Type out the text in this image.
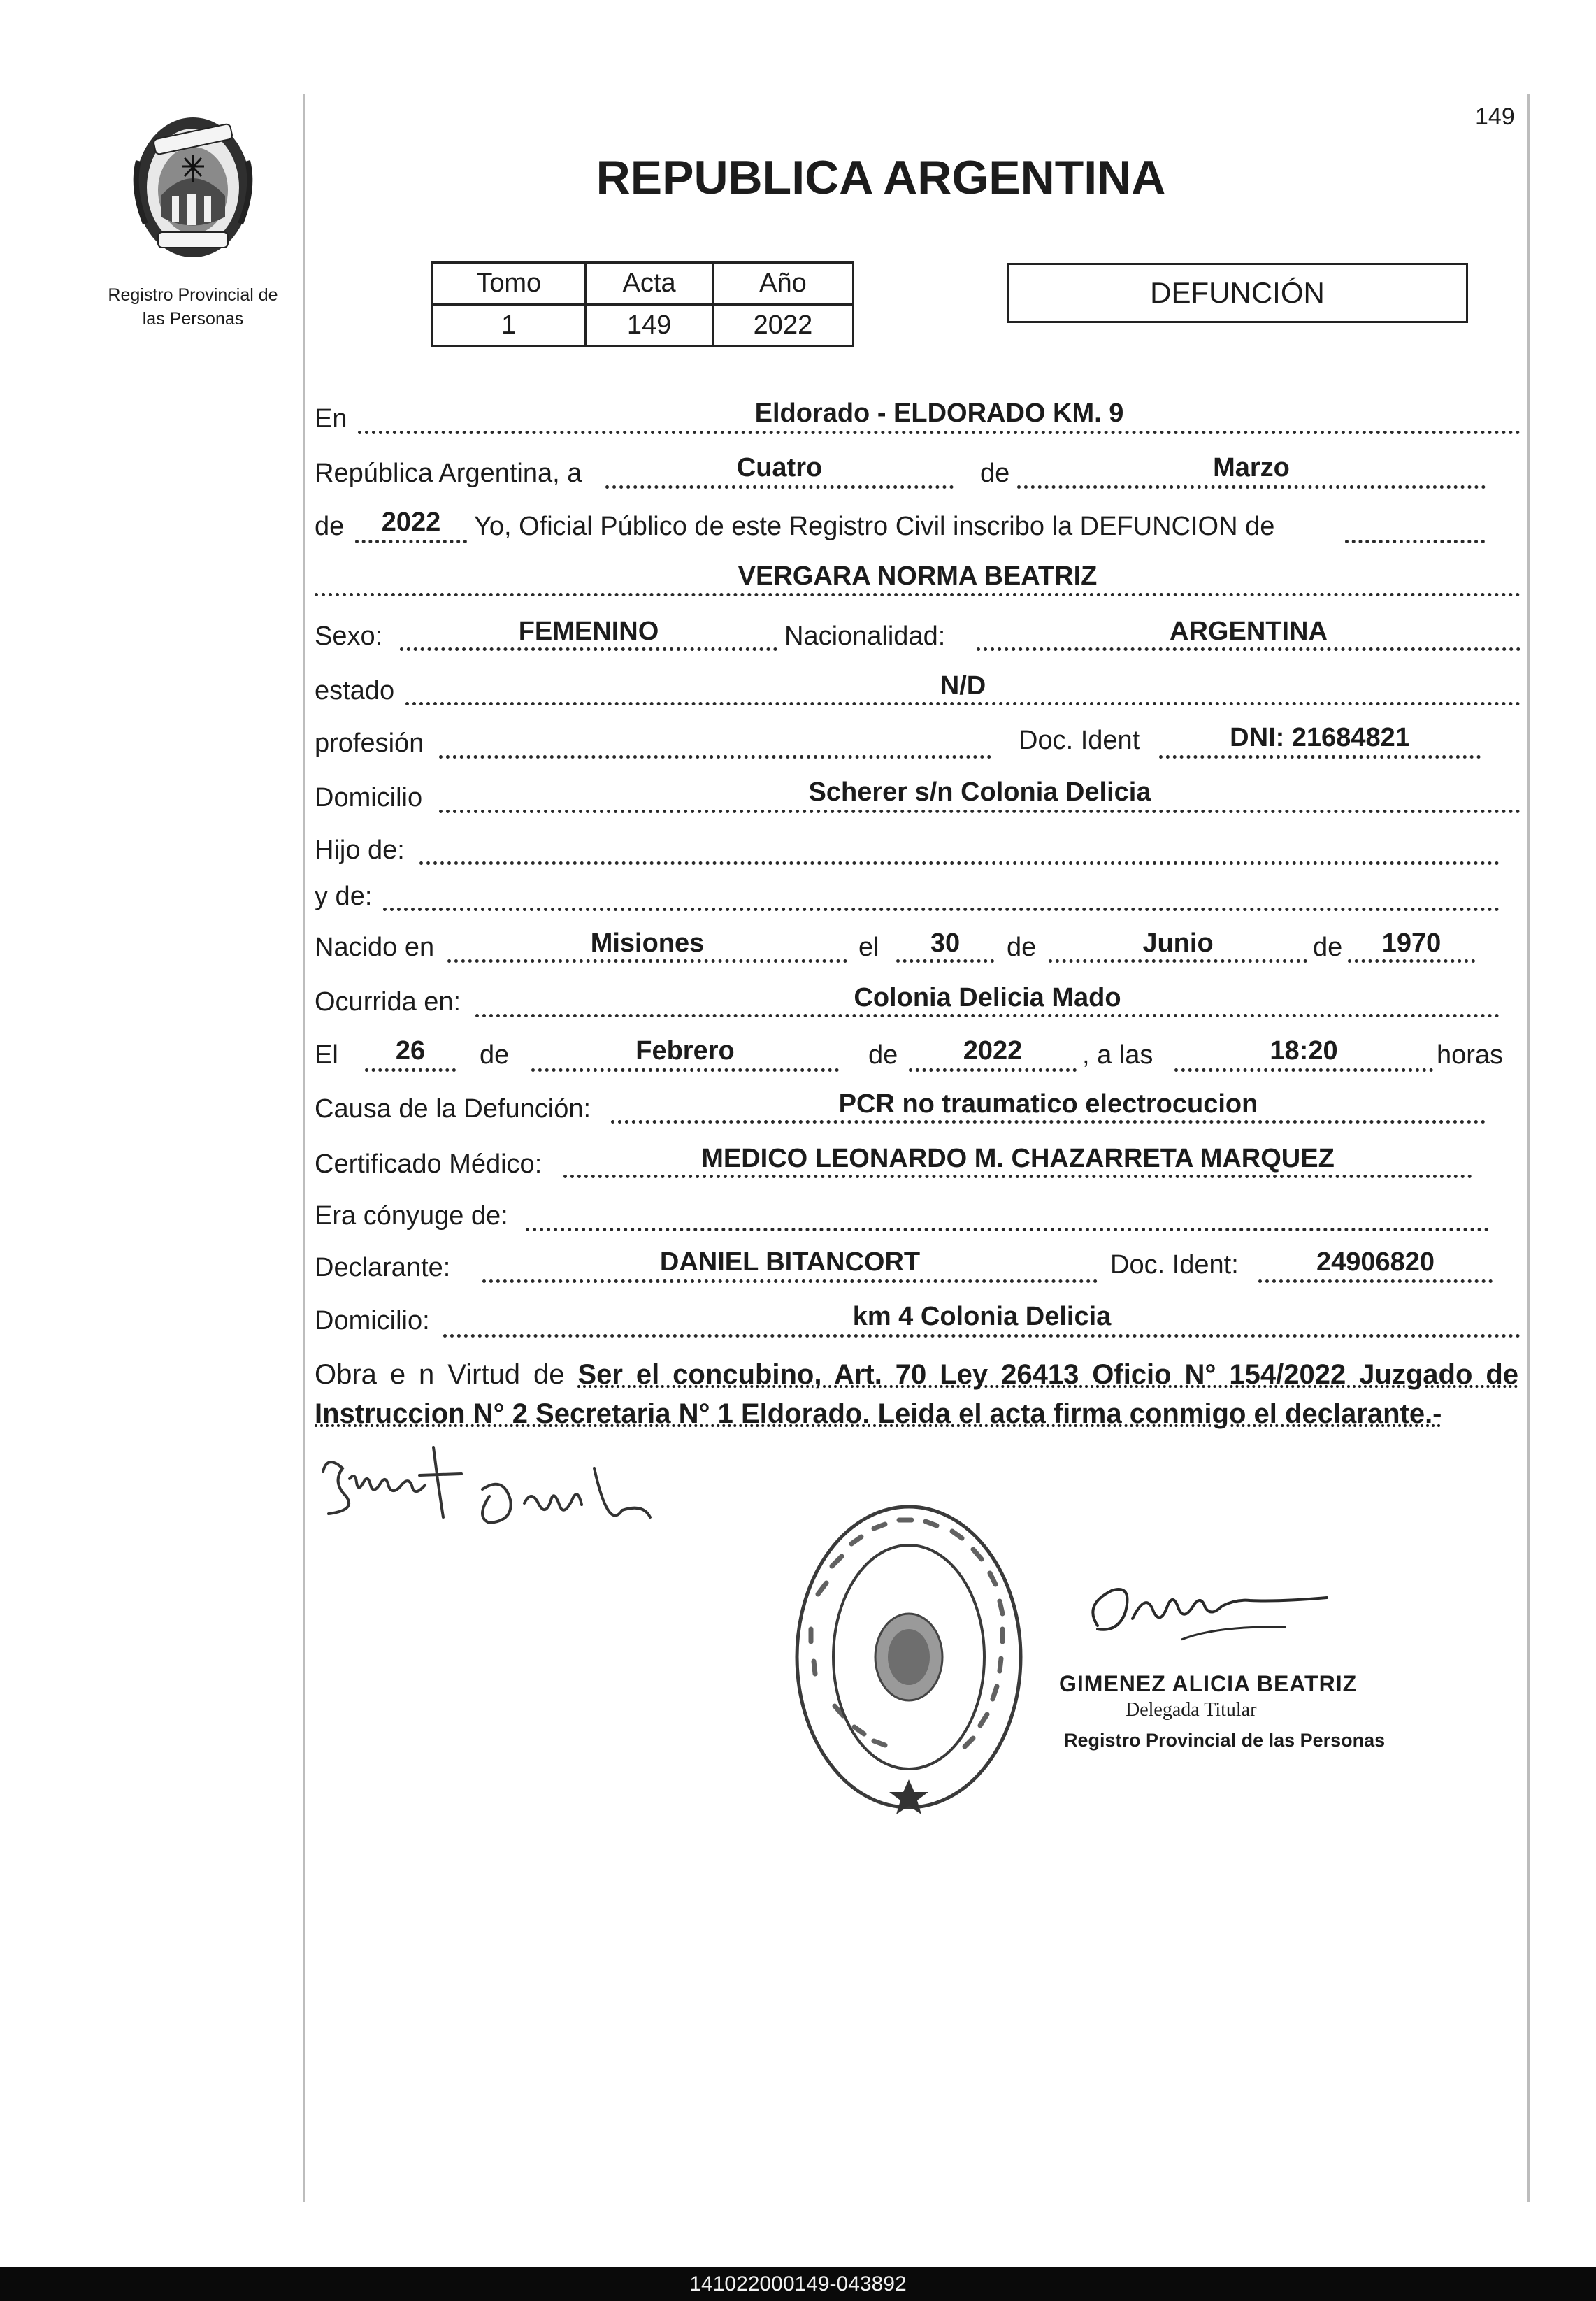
149
Registro Provincial de
las Personas
REPUBLICA ARGENTINA
Tomo	Acta	Año
1	149	2022
DEFUNCIÓN
En	Eldorado - ELDORADO KM. 9
República Argentina, a	Cuatro	de	Marzo
de	2022	Yo, Oficial Público de este Registro Civil inscribo la DEFUNCION de
VERGARA NORMA BEATRIZ
Sexo:	FEMENINO	Nacionalidad:	ARGENTINA
estado	N/D
profesión	Doc. Ident	DNI: 21684821
Domicilio	Scherer s/n Colonia Delicia
Hijo de:
y de:
Nacido en	Misiones	el	30	de	Junio	de	1970
Ocurrida en:	Colonia Delicia Mado
El	26	de	Febrero	de	2022	, a las	18:20	horas
Causa de la Defunción:	PCR no traumatico electrocucion
Certificado Médico:	MEDICO LEONARDO M. CHAZARRETA MARQUEZ
Era cónyuge de:
Declarante:	DANIEL BITANCORT	Doc. Ident:	24906820
Domicilio:	km 4 Colonia Delicia
Obra e n Virtud de Ser el concubino, Art. 70 Ley 26413 Oficio N° 154/2022 Juzgado de Instruccion N° 2 Secretaria N° 1 Eldorado. Leida el acta firma conmigo el declarante.-
GIMENEZ ALICIA BEATRIZ
Delegada Titular
Registro Provincial de las Personas
141022000149-043892
